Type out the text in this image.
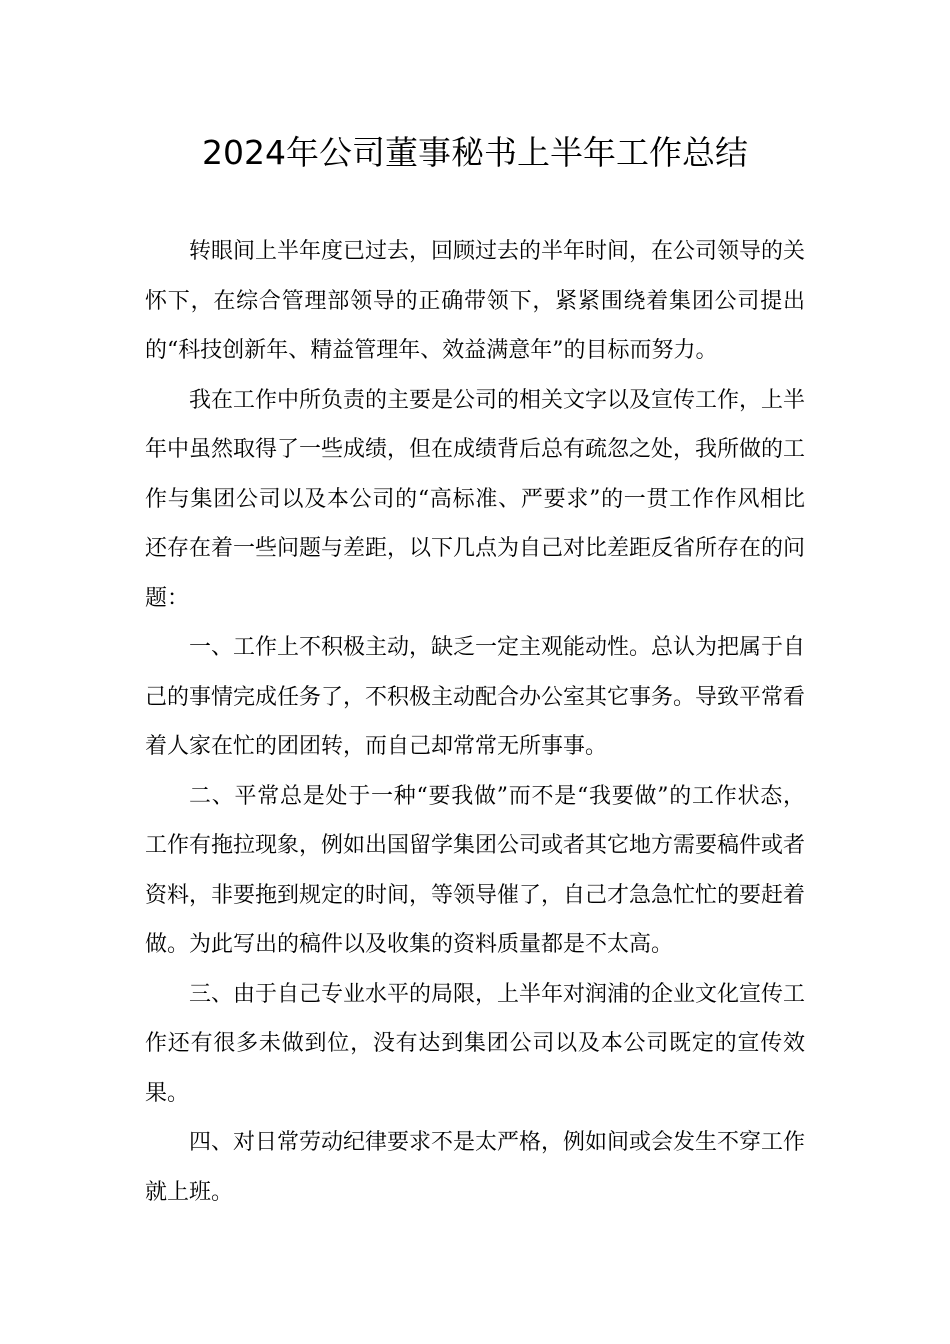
2024年公司董事秘书上半年工作总结

转眼间上半年度已过去，回顾过去的半年时间，在公司领导的关怀下，在综合管理部领导的正确带领下，紧紧围绕着集团公司提出的“科技创新年、精益管理年、效益满意年”的目标而努力。

我在工作中所负责的主要是公司的相关文字以及宣传工作，上半年中虽然取得了一些成绩，但在成绩背后总有疏忽之处，我所做的工作与集团公司以及本公司的“高标准、严要求”的一贯工作作风相比还存在着一些问题与差距，以下几点为自己对比差距反省所存在的问题：

一、工作上不积极主动，缺乏一定主观能动性。总认为把属于自己的事情完成任务了，不积极主动配合办公室其它事务。导致平常看着人家在忙的团团转，而自己却常常无所事事。

二、平常总是处于一种“要我做”而不是“我要做”的工作状态，工作有拖拉现象，例如出国留学集团公司或者其它地方需要稿件或者资料，非要拖到规定的时间，等领导催了，自己才急急忙忙的要赶着做。为此写出的稿件以及收集的资料质量都是不太高。

三、由于自己专业水平的局限，上半年对润浦的企业文化宣传工作还有很多未做到位，没有达到集团公司以及本公司既定的宣传效果。

四、对日常劳动纪律要求不是太严格，例如间或会发生不穿工作就上班。
